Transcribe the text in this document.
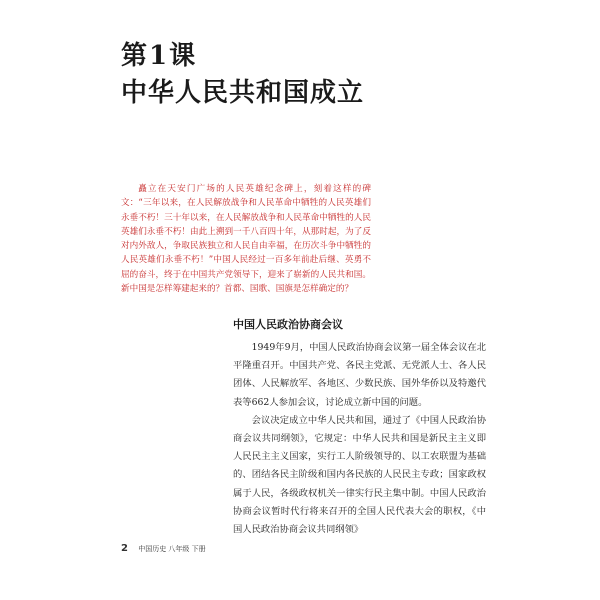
第1课
中华人民共和国成立

矗立在天安门广场的人民英雄纪念碑上，刻着这样的碑文：“三年以来，在人民解放战争和人民革命中牺牲的人民英雄们永垂不朽！三十年以来，在人民解放战争和人民革命中牺牲的人民英雄们永垂不朽！由此上溯到一千八百四十年，从那时起，为了反对内外敌人，争取民族独立和人民自由幸福，在历次斗争中牺牲的人民英雄们永垂不朽！”中国人民经过一百多年前赴后继、英勇不屈的奋斗，终于在中国共产党领导下，迎来了崭新的人民共和国。新中国是怎样筹建起来的？首都、国歌、国旗是怎样确定的？

中国人民政治协商会议

1949年9月，中国人民政治协商会议第一届全体会议在北平隆重召开。中国共产党、各民主党派、无党派人士、各人民团体、人民解放军、各地区、少数民族、国外华侨以及特邀代表等662人参加会议，讨论成立新中国的问题。

会议决定成立中华人民共和国，通过了《中国人民政治协商会议共同纲领》，它规定：中华人民共和国是新民主主义即人民民主主义国家，实行工人阶级领导的、以工农联盟为基础的、团结各民主阶级和国内各民族的人民民主专政；国家政权属于人民，各级政权机关一律实行民主集中制。中国人民政治协商会议暂时代行将来召开的全国人民代表大会的职权，《中国人民政治协商会议共同纲领》

2 中国历史 八年级 下册
